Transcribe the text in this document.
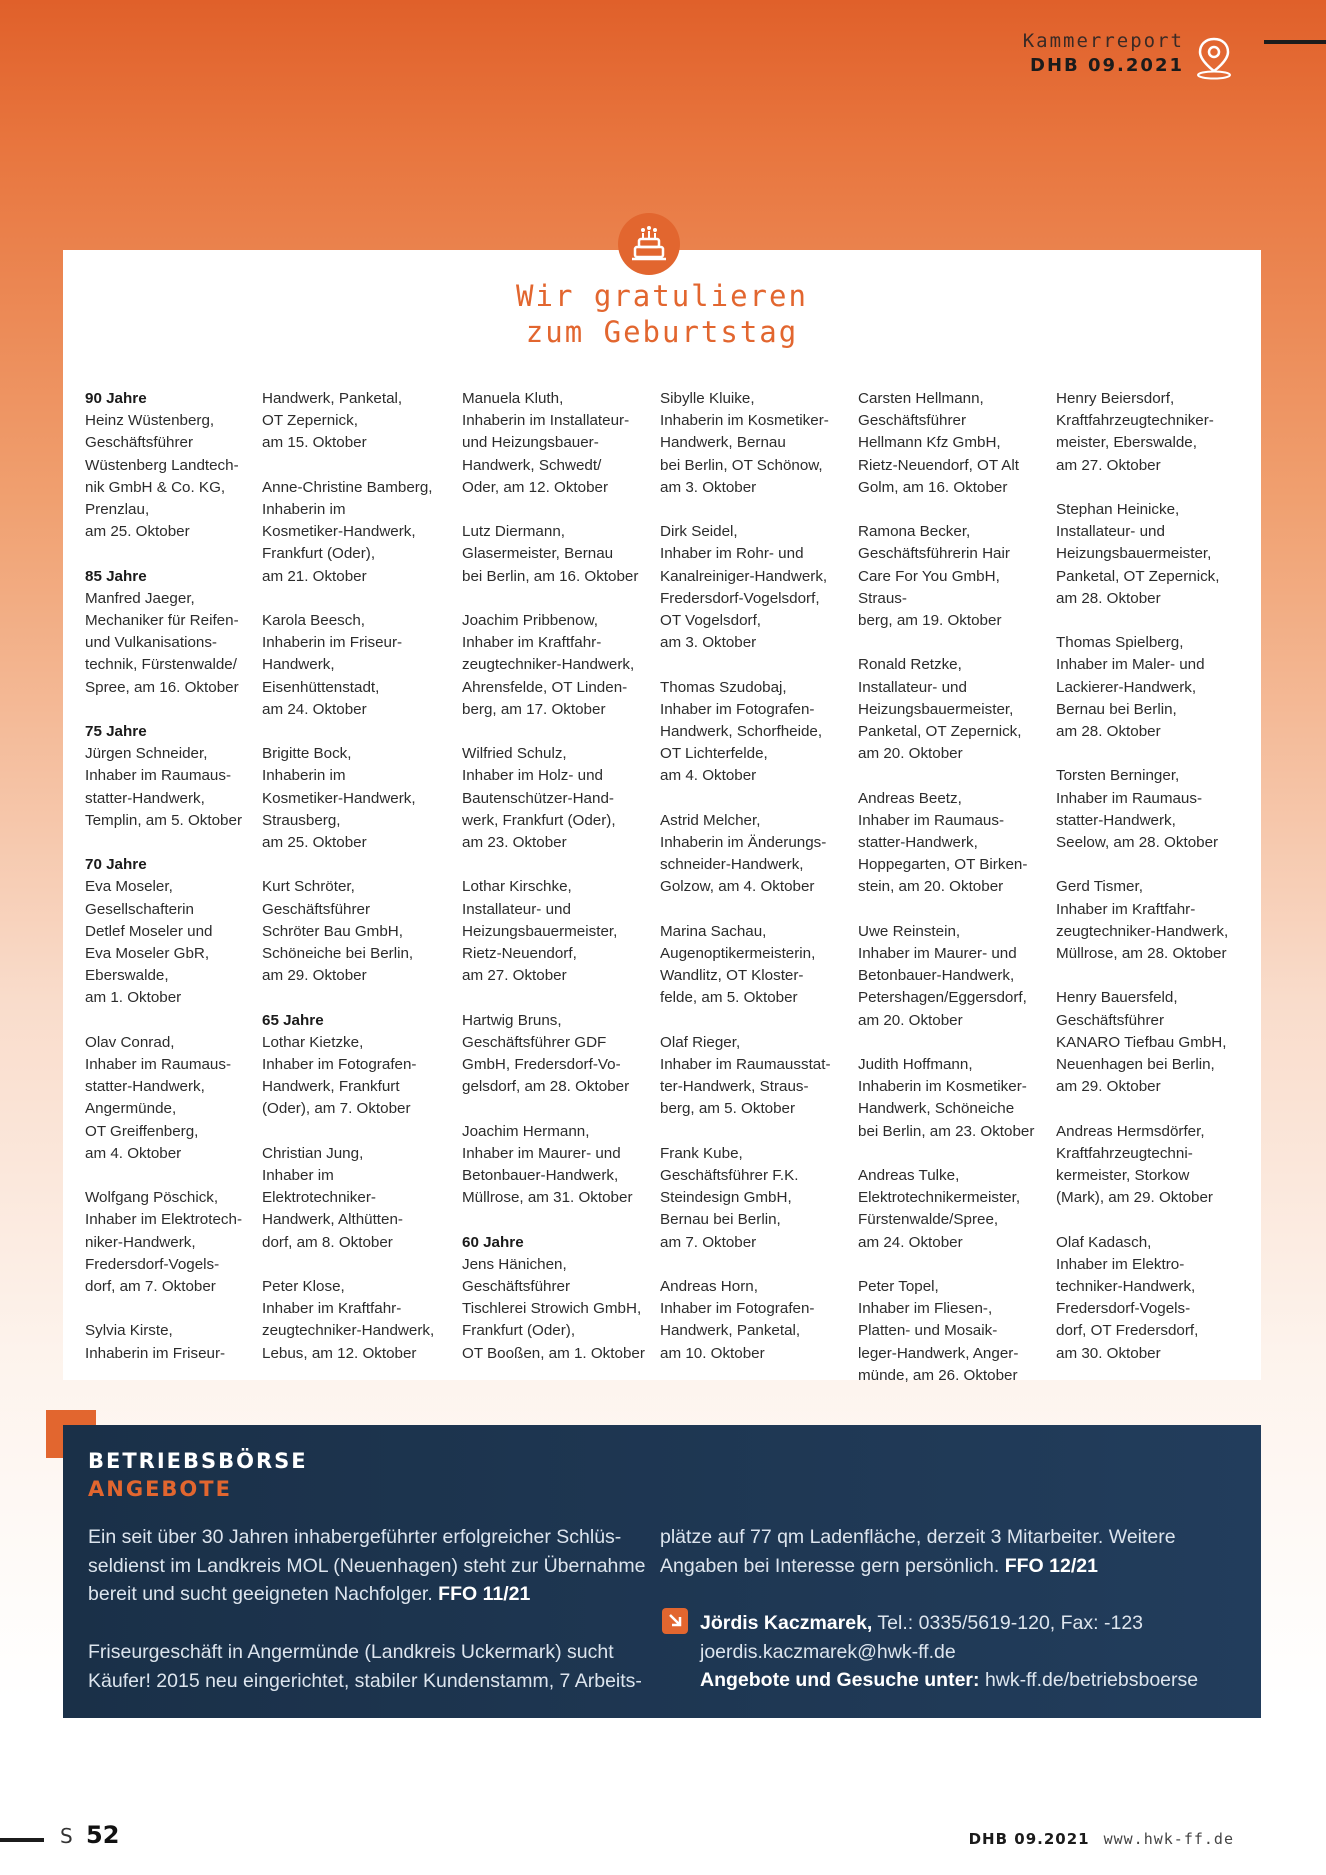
Kammerreport
DHB 09.2021
Wir gratulieren
zum Geburtstag
90 Jahre
Heinz Wüstenberg,
Geschäftsführer
Wüstenberg Landtech-
nik GmbH & Co. KG,
Prenzlau,
am 25. Oktober
85 Jahre
Manfred Jaeger,
Mechaniker für Reifen-
und Vulkanisations-
technik, Fürstenwalde/
Spree, am 16. Oktober
75 Jahre
Jürgen Schneider,
Inhaber im Raumaus-
statter-Handwerk,
Templin, am 5. Oktober
70 Jahre
Eva Moseler,
Gesellschafterin
Detlef Moseler und
Eva Moseler GbR,
Eberswalde,
am 1. Oktober
Olav Conrad,
Inhaber im Raumaus-
statter-Handwerk,
Angermünde,
OT Greiffenberg,
am 4. Oktober
Wolfgang Pöschick,
Inhaber im Elektrotech-
niker-Handwerk,
Fredersdorf-Vogels-
dorf, am 7. Oktober
Sylvia Kirste,
Inhaberin im Friseur-
Handwerk, Panketal,
OT Zepernick,
am 15. Oktober
Anne-Christine Bamberg,
Inhaberin im
Kosmetiker-Handwerk,
Frankfurt (Oder),
am 21. Oktober
Karola Beesch,
Inhaberin im Friseur-
Handwerk,
Eisenhüttenstadt,
am 24. Oktober
Brigitte Bock,
Inhaberin im
Kosmetiker-Handwerk,
Strausberg,
am 25. Oktober
Kurt Schröter,
Geschäftsführer
Schröter Bau GmbH,
Schöneiche bei Berlin,
am 29. Oktober
65 Jahre
Lothar Kietzke,
Inhaber im Fotografen-
Handwerk, Frankfurt
(Oder), am 7. Oktober
Christian Jung,
Inhaber im
Elektrotechniker-
Handwerk, Althütten-
dorf, am 8. Oktober
Peter Klose,
Inhaber im Kraftfahr-
zeugtechniker-Handwerk,
Lebus, am 12. Oktober
Manuela Kluth,
Inhaberin im Installateur-
und Heizungsbauer-
Handwerk, Schwedt/
Oder, am 12. Oktober
Lutz Diermann,
Glasermeister, Bernau
bei Berlin, am 16. Oktober
Joachim Pribbenow,
Inhaber im Kraftfahr-
zeugtechniker-Handwerk,
Ahrensfelde, OT Linden-
berg, am 17. Oktober
Wilfried Schulz,
Inhaber im Holz- und
Bautenschützer-Hand-
werk, Frankfurt (Oder),
am 23. Oktober
Lothar Kirschke,
Installateur- und
Heizungsbauermeister,
Rietz-Neuendorf,
am 27. Oktober
Hartwig Bruns,
Geschäftsführer GDF
GmbH, Fredersdorf-Vo-
gelsdorf, am 28. Oktober
Joachim Hermann,
Inhaber im Maurer- und
Betonbauer-Handwerk,
Müllrose, am 31. Oktober
60 Jahre
Jens Hänichen,
Geschäftsführer
Tischlerei Strowich GmbH,
Frankfurt (Oder),
OT Booßen, am 1. Oktober
Sibylle Kluike,
Inhaberin im Kosmetiker-
Handwerk, Bernau
bei Berlin, OT Schönow,
am 3. Oktober
Dirk Seidel,
Inhaber im Rohr- und
Kanalreiniger-Handwerk,
Fredersdorf-Vogelsdorf,
OT Vogelsdorf,
am 3. Oktober
Thomas Szudobaj,
Inhaber im Fotografen-
Handwerk, Schorfheide,
OT Lichterfelde,
am 4. Oktober
Astrid Melcher,
Inhaberin im Änderungs-
schneider-Handwerk,
Golzow, am 4. Oktober
Marina Sachau,
Augenoptikermeisterin,
Wandlitz, OT Kloster-
felde, am 5. Oktober
Olaf Rieger,
Inhaber im Raumausstat-
ter-Handwerk, Straus-
berg, am 5. Oktober
Frank Kube,
Geschäftsführer F.K.
Steindesign GmbH,
Bernau bei Berlin,
am 7. Oktober
Andreas Horn,
Inhaber im Fotografen-
Handwerk, Panketal,
am 10. Oktober
Carsten Hellmann,
Geschäftsführer
Hellmann Kfz GmbH,
Rietz-Neuendorf, OT Alt
Golm, am 16. Oktober
Ramona Becker,
Geschäftsführerin Hair
Care For You GmbH, Straus-
berg, am 19. Oktober
Ronald Retzke,
Installateur- und
Heizungsbauermeister,
Panketal, OT Zepernick,
am 20. Oktober
Andreas Beetz,
Inhaber im Raumaus-
statter-Handwerk,
Hoppegarten, OT Birken-
stein, am 20. Oktober
Uwe Reinstein,
Inhaber im Maurer- und
Betonbauer-Handwerk,
Petershagen/Eggersdorf,
am 20. Oktober
Judith Hoffmann,
Inhaberin im Kosmetiker-
Handwerk, Schöneiche
bei Berlin, am 23. Oktober
Andreas Tulke,
Elektrotechnikermeister,
Fürstenwalde/Spree,
am 24. Oktober
Peter Topel,
Inhaber im Fliesen-,
Platten- und Mosaik-
leger-Handwerk, Anger-
münde, am 26. Oktober
Henry Beiersdorf,
Kraftfahrzeugtechniker-
meister, Eberswalde,
am 27. Oktober
Stephan Heinicke,
Installateur- und
Heizungsbauermeister,
Panketal, OT Zepernick,
am 28. Oktober
Thomas Spielberg,
Inhaber im Maler- und
Lackierer-Handwerk,
Bernau bei Berlin,
am 28. Oktober
Torsten Berninger,
Inhaber im Raumaus-
statter-Handwerk,
Seelow, am 28. Oktober
Gerd Tismer,
Inhaber im Kraftfahr-
zeugtechniker-Handwerk,
Müllrose, am 28. Oktober
Henry Bauersfeld,
Geschäftsführer
KANARO Tiefbau GmbH,
Neuenhagen bei Berlin,
am 29. Oktober
Andreas Hermsdörfer,
Kraftfahrzeugtechni-
kermeister, Storkow
(Mark), am 29. Oktober
Olaf Kadasch,
Inhaber im Elektro-
techniker-Handwerk,
Fredersdorf-Vogels-
dorf, OT Fredersdorf,
am 30. Oktober
BETRIEBSBÖRSE
ANGEBOTE
Ein seit über 30 Jahren inhabergeführter erfolgreicher Schlüs-
seldienst im Landkreis MOL (Neuenhagen) steht zur Übernahme
bereit und sucht geeigneten Nachfolger. FFO 11/21
Friseurgeschäft in Angermünde (Landkreis Uckermark) sucht
Käufer! 2015 neu eingerichtet, stabiler Kundenstamm, 7 Arbeits-
plätze auf 77 qm Ladenfläche, derzeit 3 Mitarbeiter. Weitere
Angaben bei Interesse gern persönlich. FFO 12/21
Jördis Kaczmarek, Tel.: 0335/5619-120, Fax: -123
joerdis.kaczmarek@hwk-ff.de
Angebote und Gesuche unter: hwk-ff.de/betriebsboerse
S 52	DHB 09.2021 www.hwk-ff.de
